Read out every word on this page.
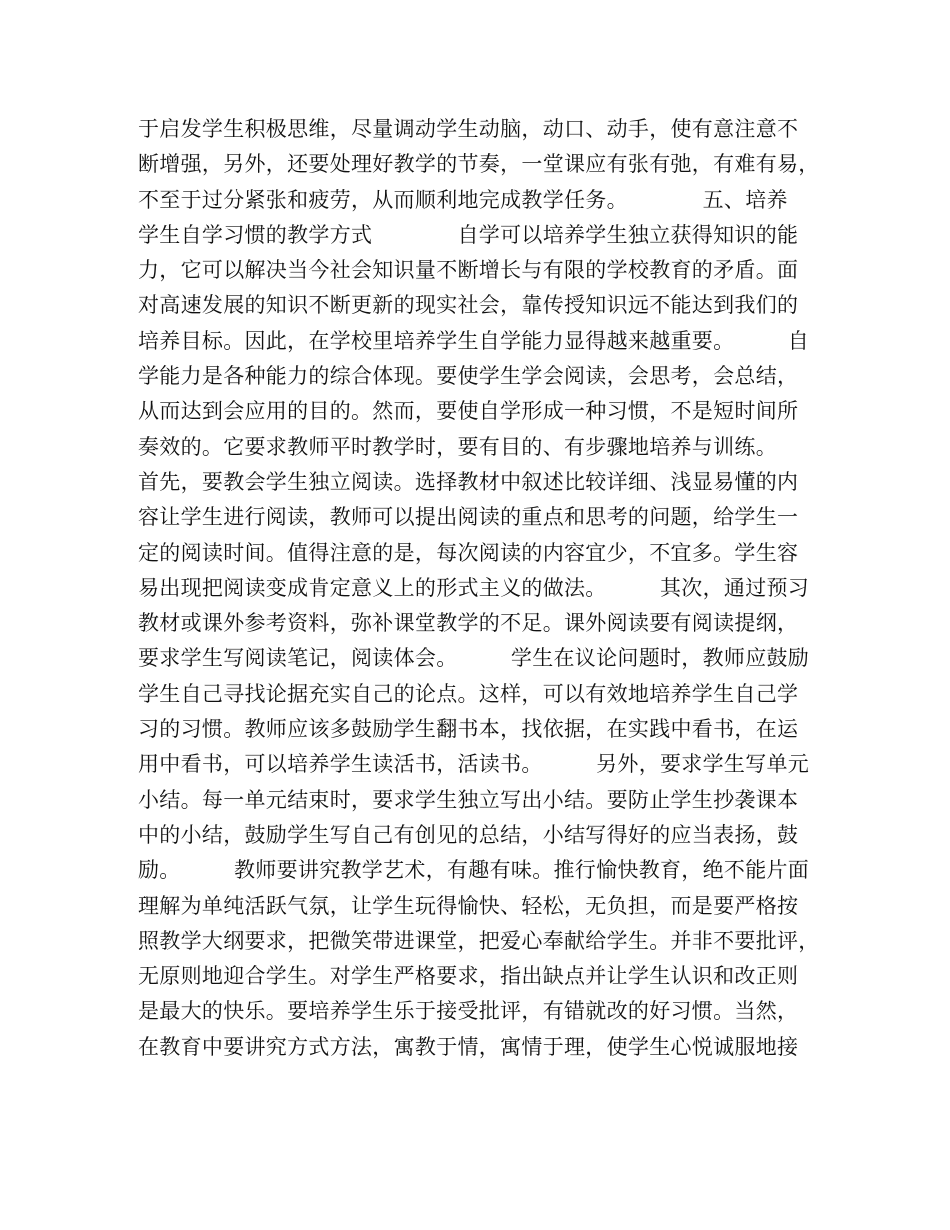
于启发学生积极思维，尽量调动学生动脑，动口、动手，使有意注意不
断增强，另外，还要处理好教学的节奏，一堂课应有张有弛，有难有易，
不至于过分紧张和疲劳，从而顺利地完成教学任务。　　　　五、培养
学生自学习惯的教学方式　　　　自学可以培养学生独立获得知识的能
力，它可以解决当今社会知识量不断增长与有限的学校教育的矛盾。面
对高速发展的知识不断更新的现实社会，靠传授知识远不能达到我们的
培养目标。因此，在学校里培养学生自学能力显得越来越重要。　　　自
学能力是各种能力的综合体现。要使学生学会阅读，会思考，会总结，
从而达到会应用的目的。然而，要使自学形成一种习惯，不是短时间所
奏效的。它要求教师平时教学时，要有目的、有步骤地培养与训练。
首先，要教会学生独立阅读。选择教材中叙述比较详细、浅显易懂的内
容让学生进行阅读，教师可以提出阅读的重点和思考的问题，给学生一
定的阅读时间。值得注意的是，每次阅读的内容宜少，不宜多。学生容
易出现把阅读变成肯定意义上的形式主义的做法。　　　其次，通过预习
教材或课外参考资料，弥补课堂教学的不足。课外阅读要有阅读提纲，
要求学生写阅读笔记，阅读体会。　　　学生在议论问题时，教师应鼓励
学生自己寻找论据充实自己的论点。这样，可以有效地培养学生自己学
习的习惯。教师应该多鼓励学生翻书本，找依据，在实践中看书，在运
用中看书，可以培养学生读活书，活读书。　　　另外，要求学生写单元
小结。每一单元结束时，要求学生独立写出小结。要防止学生抄袭课本
中的小结，鼓励学生写自己有创见的总结，小结写得好的应当表扬，鼓
励。　　　教师要讲究教学艺术，有趣有味。推行愉快教育，绝不能片面
理解为单纯活跃气氛，让学生玩得愉快、轻松，无负担，而是要严格按
照教学大纲要求，把微笑带进课堂，把爱心奉献给学生。并非不要批评，
无原则地迎合学生。对学生严格要求，指出缺点并让学生认识和改正则
是最大的快乐。要培养学生乐于接受批评，有错就改的好习惯。当然，
在教育中要讲究方式方法，寓教于情，寓情于理，使学生心悦诚服地接
